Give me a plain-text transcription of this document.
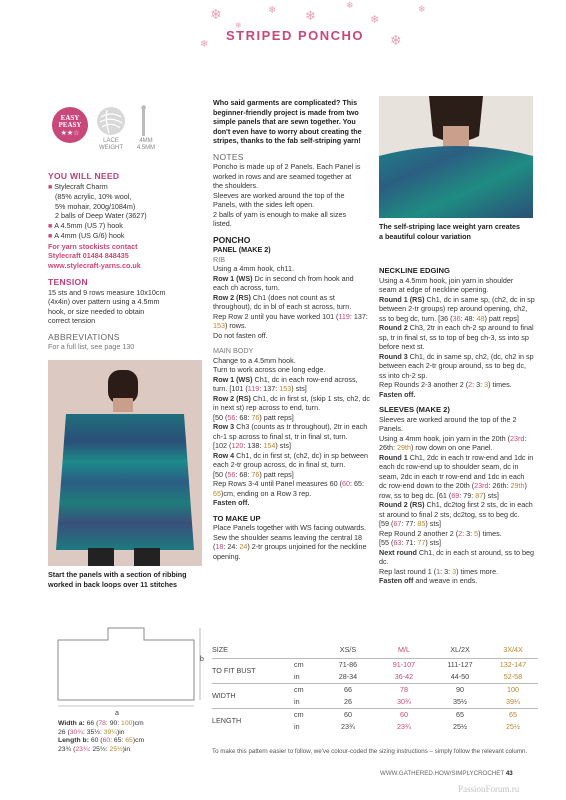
❄	❄ ❄
❄
❄
❄
❄
❄
❄
STRIPED PONCHO
EASY
PEASY
★★☆
LACE
WEIGHT
4MM
4.5MM

YOU WILL NEED

■ Stylecraft Charm

(85% acrylic, 10% wool,

5% mohair, 200g/1084m)

2 balls of Deep Water (3627)

■ A 4.5mm (US 7) hook

■ A 4mm (US G/6) hook

For yarn stockists contact

Stylecraft 01484 848435

www.stylecraft-yarns.co.uk

TENSION

15 sts and 9 rows measure 10x10cm

(4x4in) over pattern using a 4.5mm

hook, or size needed to obtain

correct tension

ABBREVIATIONS

For a full list, see page 130

Start the panels with a section of ribbing
worked in back loops over 11 stitches
a
b

Width a: 66 (78: 90: 100)cm

26 (30¾: 35½: 39¼)in

Length b: 60 (60: 65: 65)cm

23¾ (23¾: 25½: 25½)in

Who said garments are complicated? This

beginner-friendly project is made from two

simple panels that are sewn together. You

don't even have to worry about creating the

stripes, thanks to the fab self-striping yarn!

NOTES

Poncho is made up of 2 Panels. Each Panel is

worked in rows and are seamed together at

the shoulders.

Sleeves are worked around the top of the

Panels, with the sides left open.

2 balls of yarn is enough to make all sizes

listed.

PONCHO

PANEL (MAKE 2)

RIB

Using a 4mm hook, ch11.

Row 1 (WS) Dc in second ch from hook and

each ch across, turn.

Row 2 (RS) Ch1 (does not count as st

throughout), dc in bl of each st across, turn.

Rep Row 2 until you have worked 101 (119: 137:

153) rows.

Do not fasten off.

MAIN BODY

Change to a 4.5mm hook.

Turn to work across one long edge.

Row 1 (WS) Ch1, dc in each row-end across,

turn. [101 (119: 137: 153) sts]

Row 2 (RS) Ch1, dc in first st, (skip 1 sts, ch2, dc

in next st) rep across to end, turn.

[50 (56: 68: 76) patt reps]

Row 3 Ch3 (counts as tr throughout), 2tr in each

ch-1 sp across to final st, tr in final st, turn.

[102 (120: 138: 154) sts]

Row 4 Ch1, dc in first st, (ch2, dc) in sp between

each 2-tr group across, dc in final st, turn.

[50 (56: 68: 76) patt reps]

Rep Rows 3-4 until Panel measures 60 (60: 65:

65)cm, ending on a Row 3 rep.

Fasten off.

TO MAKE UP

Place Panels together with WS facing outwards.

Sew the shoulder seams leaving the central 18

(18: 24: 24) 2-tr groups unjoined for the neckline

opening.

The self-striping lace weight yarn creates
a beautiful colour variation

NECKLINE EDGING

Using a 4.5mm hook, join yarn in shoulder

seam at edge of neckline opening.

Round 1 (RS) Ch1, dc in same sp, (ch2, dc in sp

between 2-tr groups) rep around opening, ch2,

ss to beg dc, turn. [36 (36: 48: 48) patt reps]

Round 2 Ch3, 2tr in each ch-2 sp around to final

sp, tr in final st, ss to top of beg ch-3, ss into sp

before next st.

Round 3 Ch1, dc in same sp, ch2, (dc, ch2 in sp

between each 2-tr group around, ss to beg dc,

ss into ch-2 sp.

Rep Rounds 2-3 another 2 (2: 3: 3) times.

Fasten off.

SLEEVES (MAKE 2)

Sleeves are worked around the top of the 2

Panels.

Using a 4mm hook, join yarn in the 20th (23rd:

26th: 29th) row down on one Panel.

Round 1 Ch1, 2dc in each tr row-end and 1dc in

each dc row-end up to shoulder seam, dc in

seam, 2dc in each tr row-end and 1dc in each

dc row-end down to the 20th (23rd: 26th: 29th)

row, ss to beg dc. [61 (69: 79: 87) sts]

Round 2 (RS) Ch1, dc2tog first 2 sts, dc in each

st around to final 2 sts, dc2tog, ss to beg dc.

[59 (67: 77: 85) sts]

Rep Round 2 another 2 (2: 3: 5) times.

[55 (63: 71: 77) sts]

Next round Ch1, dc in each st around, ss to beg

dc.

Rep last round 1 (1: 3: 3) times more.

Fasten off and weave in ends.

SIZE		XS/S	M/L	XL/2X	3X/4X
TO FIT BUST	cm	71-86	91-107	111-127	132-147
	in	28-34	36-42	44-50	52-58
WIDTH	cm	66	78	90	100
	in	26	30¾	35½	39¼
LENGTH	cm	60	60	65	65
	in	23¾	23¾	25½	25½
To make this pattern easier to follow, we've colour-coded the sizing instructions – simply follow the relevant column.
WWW.GATHERED.HOW/SIMPLYCROCHET 43
PassionForum.ru
